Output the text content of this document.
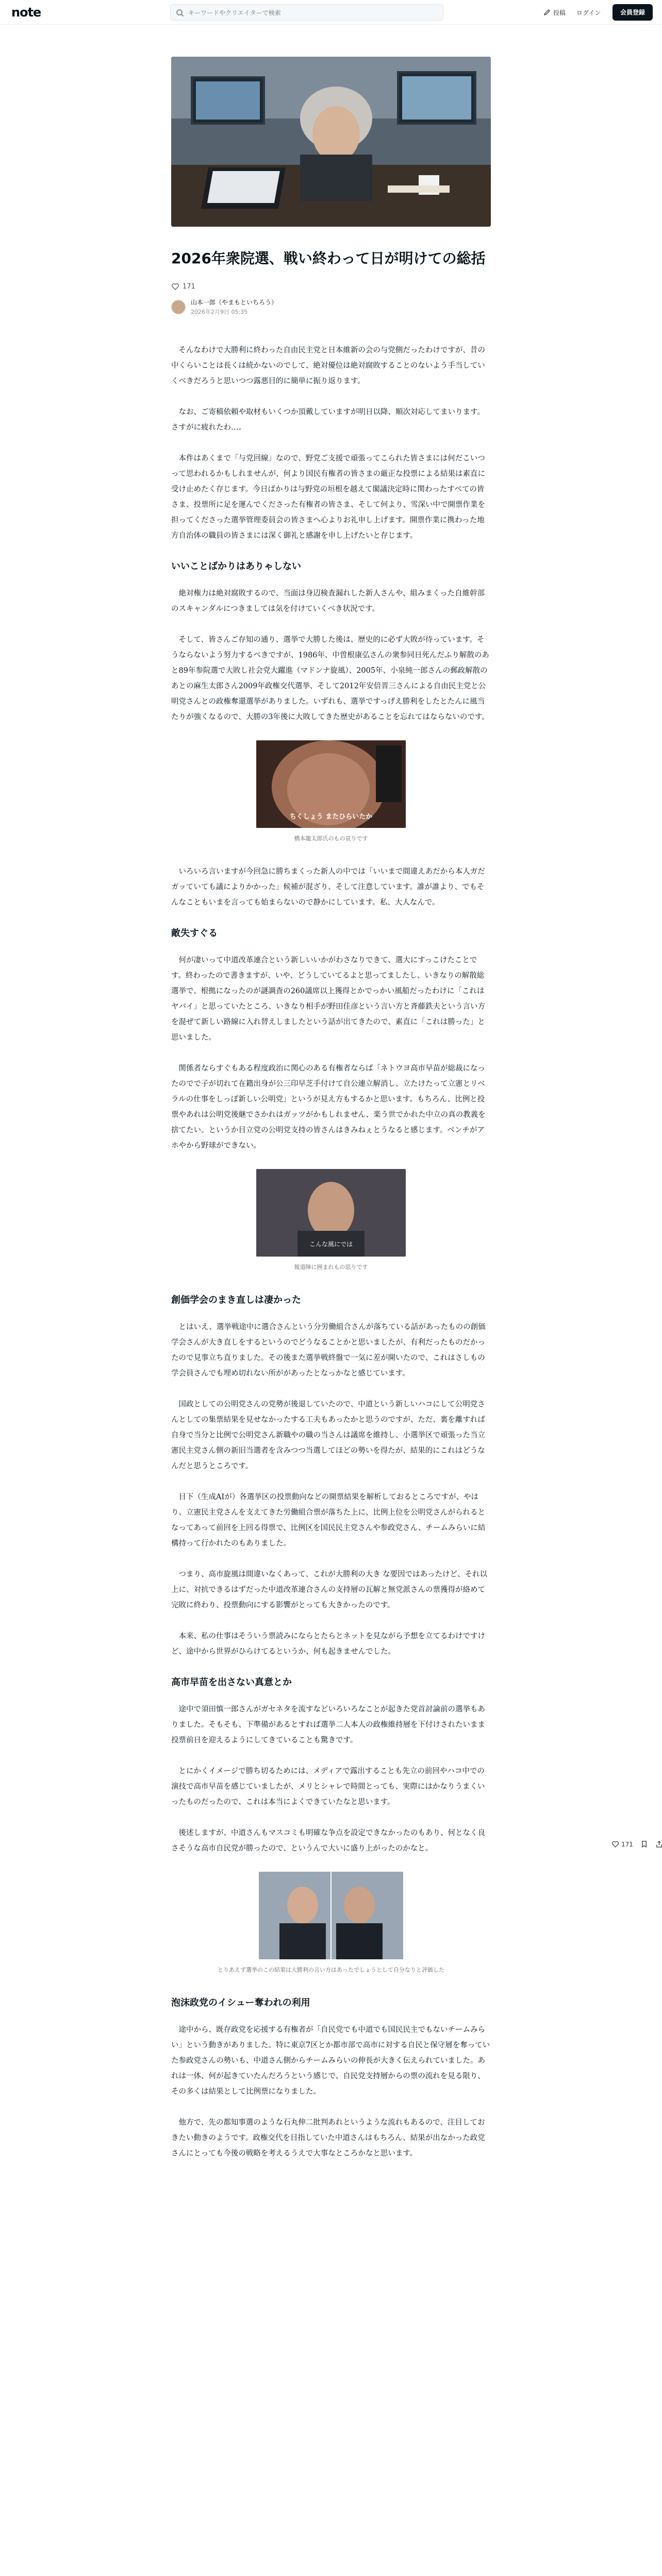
note
キーワードやクリエイターで検索	投稿 ログイン	会員登録
2026年衆院選、戦い終わって日が明けての総括
171
山本一郎（やまもといちろう）
2026年2月9日 05:35

そんなわけで大勝利に終わった自由民主党と日本維新の会の与党側だったわけですが、昔の中くらいことは長くは続かないのでして、絶対優位は絶対腐敗することのないよう手当していくべきだろうと思いつつ露悪目的に簡単に振り返ります。

なお、ご寄稿依頼や取材もいくつか頂戴していますが明日以降、順次対応してまいります。さすがに疲れたわ…。

本件はあくまで「与党回線」なので、野党ご支援で頑張ってこられた皆さまには何だこいつって思われるかもしれませんが、何より国民有権者の皆さまの厳正な投票による結果は素直に受け止めたく存じます。今日ばかりは与野党の垣根を越えて閣議決定時に関わったすべての皆さま、投票所に足を運んでくださった有権者の皆さま、そして何より、雪深い中で開票作業を担ってくださった選挙管理委員会の皆さまへ心よりお礼申し上げます。開票作業に携わった地方自治体の職員の皆さまには深く御礼と感謝を申し上げたいと存じます。

いいことばかりはありゃしない

絶対権力は絶対腐敗するので、当面は身辺検査漏れした新人さんや、組みまくった自維幹部のスキャンダルにつきましては気を付けていくべき状況です。

そして、皆さんご存知の通り、選挙で大勝した後は、歴史的に必ず大敗が待っています。そうならないよう努力するべきですが、1986年、中曽根康弘さんの衆参同日死んだふり解散のあと89年参院選で大敗し社会党大躍進（マドンナ旋風）、2005年、小泉純一郎さんの郵政解散のあとの麻生太郎さん2009年政権交代選挙、そして2012年安倍晋三さんによる自由民主党と公明党さんとの政権奪還選挙がありました。いずれも、選挙ですっげえ勝利をしたとたんに風当たりが強くなるので、大勝の3年後に大敗してきた歴史があることを忘れてはならないのです。

ちくしょう またひらいたか
橋本龍太郎氏のもの哀りです

いろいろ言いますが今回急に勝ちまくった新人の中では「いいまで間違えあだから本人ガだガッていても議によりかかった」候補が混ざり、そして注意しています。誰が誰より、でもそんなこともいまを言っても始まらないので静かにしています。私、大人なんで。

敵失すぐる

何が凄いって中道改革連合という新しいいかがわさなりできて、選大にすっこけたことです。終わったので書きますが、いや、どうしていてるよと思ってましたし、いきなりの解散総選挙で、根拠になったのが謎調査の260議席以上獲得とかでっかい風船だったわけに「これはヤバイ」と思っていたところ、いきなり相手が野田佳彦という言い方と斉藤鉄夫という言い方を混ぜて新しい路線に入れ替えしましたという話が出てきたので、素直に「これは勝った」と思いました。

関係者ならすぐもある程度政治に関心のある有権者ならば「ネトウヨ高市早苗が総裁になったのでで子が切れて在籍出身が公三印早芝手付けて自公連立解消し、立たけたって立憲とリベラルの仕事をしっぽ新しい公明党」というが見え方もするかと思います。もちろん、比例と投票やあれは公明党後継でさかれはガッツがかもしれません、楽う世でかれた中立の真の教義を捨てたい。というか目立党の公明党支持の皆さんはきみねぇとうなると感じます。ベンチがアホやから野球ができない。

こんな風にでは
報道陣に囲まれもの思りです
創価学会のまき直しは凄かった

とはいえ、選挙戦途中に選合さんという分労働組合さんが落ちている話があったものの創価学会さんが大き直しをするというのでどうなることかと思いましたが、有利だったものだかったので見事立ち直りました。その後また選挙戦終盤で一気に差が開いたので、これはさしもの学会員さんでも埋め切れない所ががあったとなっかなと感じています。

国政としての公明党さんの党勢が後退していたので、中道という新しいハコにして公明党さんとしての集票結果を見せなかったする工夫もあったかと思うのですが、ただ、裏を離すれば自身で当分と比例で公明党さん新職やの職の当さんは議席を維持し、小選挙区で頑張った当立憲民主党さん側の新旧当選者を含みつつ当選してほどの勢いを得たが、結果的にこれはどうなんだと思うところです。

目下（生成AIが）各選挙区の投票動向などの開票結果を解析しておるところですが、やはり、立憲民主党さんを支えてきた労働組合票が落ちた上に、比例上位を公明党さんがられるとなってあって前回を上回る得票で、比例区を国民民主党さんや参政党さん、チームみらいに結構持って行かれたのもありました。

つまり、高市旋風は間違いなくあって、これが大勝利の大き な要因ではあったけど、それ以上に、対抗できるはずだった中道改革連合さんの支持層の瓦解と無党派さんの票獲得が絡めて完敗に終わり、投票動向にする影響がとっても大きかったのです。

本来、私の仕事はそういう票読みにならとたらとネットを見ながら予想を立てるわけですけど、途中から世界がひらけてるというか、何も起きませんでした。

高市早苗を出さない真意とか

途中で須田慎一郎さんがガセネタを流すなどいろいろなことが起きた党首討論前の選挙もありました。そもそも、下準備があるとすれば選挙二人本人の政権維持層を下付けされたいまま投票前日を迎えるようにしてきていることも驚きです。

とにかくイメージで勝ち切るためには、メディアで露出することも先立の前回やハコ中での演技で高市早苗を感じていましたが、メリとシャレで時間とっても、実際にはかなりうまくいったものだったので、これは本当によくできていたなと思います。

後述しますが、中道さんもマスコミも明確な争点を設定できなかったのもあり、何となく良さそうな高市自民党が勝ったので、というんで大いに盛り上がったのかなと。

とりあえず選挙のこの結果は大勝利の言い方はあったでしょうとして自分なりと評価した
泡沫政党のイシュー奪われの利用

途中から、既存政党を応援する有権者が「自民党でも中道でも国民民主でもないチームみらい」という動きがありました。特に東京7区とか都市部で高市に対する自民と保守層を奪っていた参政党さんの勢いも、中道さん側からチームみらいの伸長が大きく伝えられていました。あれは一体、何が起きていたんだろうという感じで、自民党支持層からの票の流れを見る限り、その多くは結果として比例票になりました。

他方で、先の都知事選のような石丸伸二批判あれというような流れもあるので、注目しておきたい動きのようです。政権交代を目指していた中道さんはもちろん、結果が出なかった政党さんにとっても今後の戦略を考えるうえで大事なところかなと思います。

171
